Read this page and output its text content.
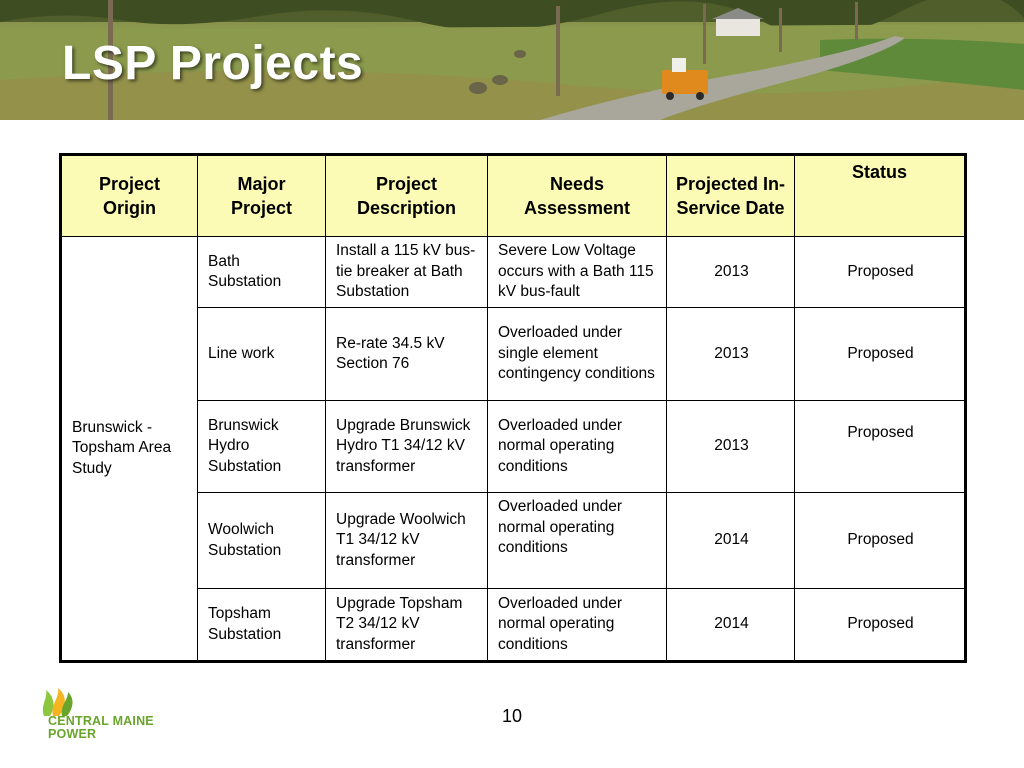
LSP Projects
Project Origin	Major Project	Project Description	Needs Assessment	Projected In-Service Date	Status
Brunswick - Topsham Area Study	Bath Substation	Install a 115 kV bus-tie breaker at Bath Substation	Severe Low Voltage occurs with a Bath 115 kV bus-fault	2013	Proposed
	Line work	Re-rate 34.5 kV Section 76	Overloaded under single element contingency conditions	2013	Proposed
	Brunswick Hydro Substation	Upgrade Brunswick Hydro T1 34/12 kV transformer	Overloaded under normal operating conditions	2013	Proposed
	Woolwich Substation	Upgrade Woolwich T1 34/12 kV transformer	Overloaded under normal operating conditions	2014	Proposed
	Topsham Substation	Upgrade Topsham T2 34/12 kV transformer	Overloaded under normal operating conditions	2014	Proposed
10
CENTRAL MAINE
POWER
